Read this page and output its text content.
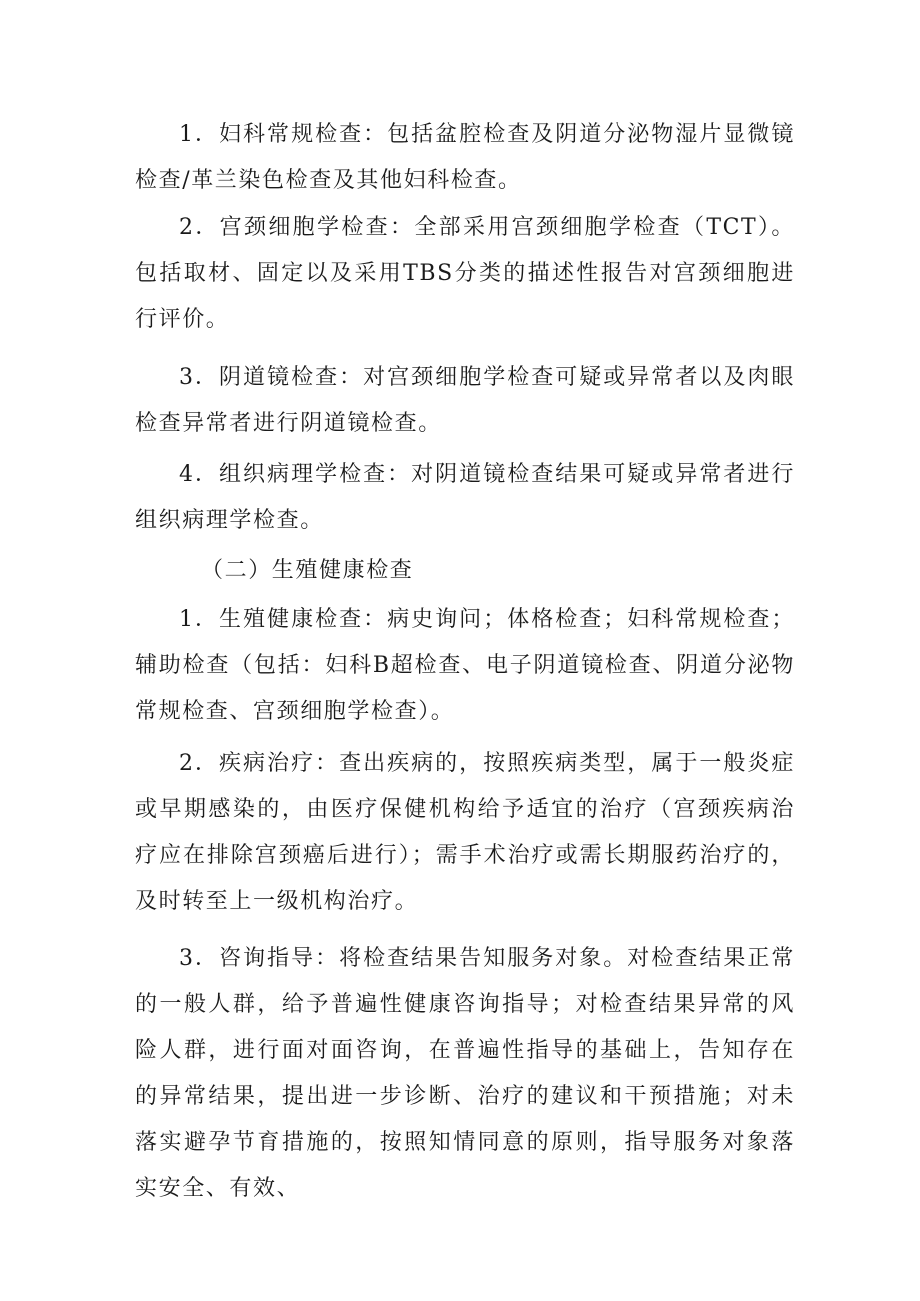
1．妇科常规检查：包括盆腔检查及阴道分泌物湿片显微镜检查/革兰染色检查及其他妇科检查。

2．宫颈细胞学检查：全部采用宫颈细胞学检查（TCT）。包括取材、固定以及采用TBS分类的描述性报告对宫颈细胞进行评价。

3．阴道镜检查：对宫颈细胞学检查可疑或异常者以及肉眼检查异常者进行阴道镜检查。

4．组织病理学检查：对阴道镜检查结果可疑或异常者进行组织病理学检查。

（二）生殖健康检查

1．生殖健康检查：病史询问；体格检查；妇科常规检查；辅助检查（包括：妇科B超检查、电子阴道镜检查、阴道分泌物常规检查、宫颈细胞学检查）。

2．疾病治疗：查出疾病的，按照疾病类型，属于一般炎症或早期感染的，由医疗保健机构给予适宜的治疗（宫颈疾病治疗应在排除宫颈癌后进行）；需手术治疗或需长期服药治疗的，及时转至上一级机构治疗。

3．咨询指导：将检查结果告知服务对象。对检查结果正常的一般人群，给予普遍性健康咨询指导；对检查结果异常的风险人群，进行面对面咨询，在普遍性指导的基础上，告知存在的异常结果，提出进一步诊断、治疗的建议和干预措施；对未落实避孕节育措施的，按照知情同意的原则，指导服务对象落实安全、有效、
